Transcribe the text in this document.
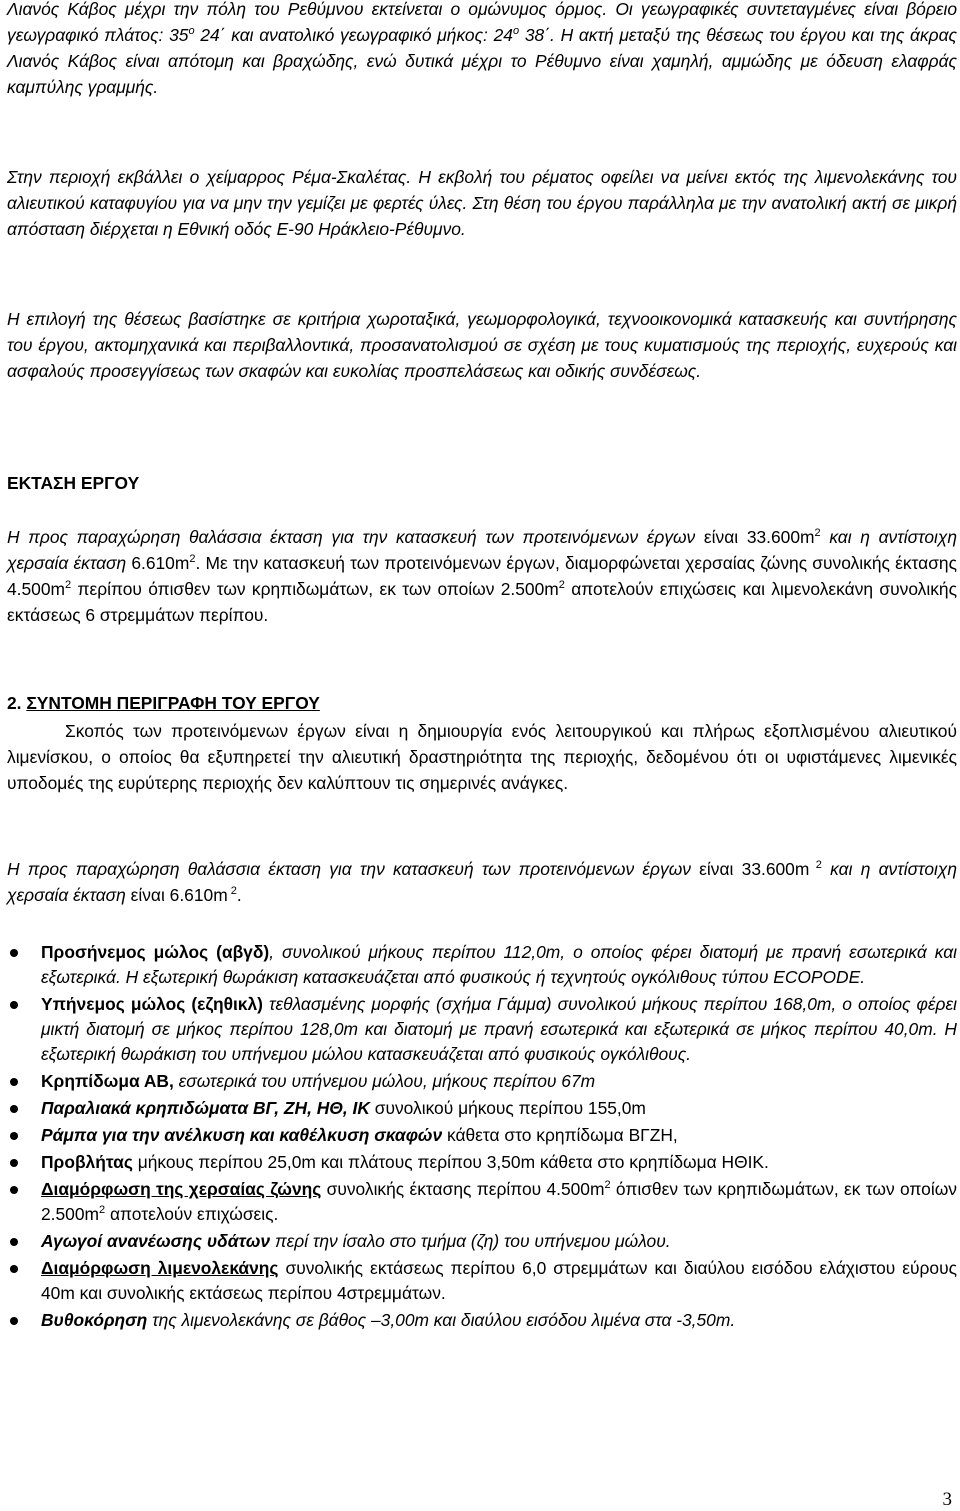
Λιανός Κάβος μέχρι την πόλη του Ρεθύμνου εκτείνεται ο ομώνυμος όρμος. Οι γεωγραφικές συντεταγμένες είναι βόρειο γεωγραφικό πλάτος: 35$^o$ 24΄ και ανατολικό γεωγραφικό μήκος: 24$^o$ 38΄. Η ακτή μεταξύ της θέσεως του έργου και της άκρας Λιανός Κάβος είναι απότομη και βραχώδης, ενώ δυτικά μέχρι το Ρέθυμνο είναι χαμηλή, αμμώδης με όδευση ελαφράς καμπύλης γραμμής.

Στην περιοχή εκβάλλει ο χείμαρρος Ρέμα-Σκαλέτας. Η εκβολή του ρέματος οφείλει να μείνει εκτός της λιμενολεκάνης του αλιευτικού καταφυγίου για να μην την γεμίζει με φερτές ύλες. Στη θέση του έργου παράλληλα με την ανατολική ακτή σε μικρή απόσταση διέρχεται η Εθνική οδός Ε-90 Ηράκλειο-Ρέθυμνο.

Η επιλογή της θέσεως βασίστηκε σε κριτήρια χωροταξικά, γεωμορφολογικά, τεχνοοικονομικά κατασκευής και συντήρησης του έργου, ακτομηχανικά και περιβαλλοντικά, προσανατολισμού σε σχέση με τους κυματισμούς της περιοχής, ευχερούς και ασφαλούς προσεγγίσεως των σκαφών και ευκολίας προσπελάσεως και οδικής συνδέσεως.

ΕΚΤΑΣΗ ΕΡΓΟΥ

Η προς παραχώρηση θαλάσσια έκταση για την κατασκευή των προτεινόμενων έργων είναι $33.600m^2$ και η αντίστοιχη χερσαία έκταση $6.610m^2$. Με την κατασκευή των προτεινόμενων έργων, διαμορφώνεται χερσαίας ζώνης συνολικής έκτασης $4.500m^2$ περίπου όπισθεν των κρηπιδωμάτων, εκ των οποίων $2.500m^2$ αποτελούν επιχώσεις και λιμενολεκάνη συνολικής εκτάσεως 6 στρεμμάτων περίπου.

2. ΣΥΝΤΟΜΗ ΠΕΡΙΓΡΑΦΗ ΤΟΥ ΕΡΓΟΥ

Σκοπός των προτεινόμενων έργων είναι η δημιουργία ενός λειτουργικού και πλήρως εξοπλισμένου αλιευτικού λιμενίσκου, ο οποίος θα εξυπηρετεί την αλιευτική δραστηριότητα της περιοχής, δεδομένου ότι οι υφιστάμενες λιμενικές υποδομές της ευρύτερης περιοχής δεν καλύπτουν τις σημερινές ανάγκες.

Η προς παραχώρηση θαλάσσια έκταση για την κατασκευή των προτεινόμενων έργων είναι 33.600m $^2$ και η αντίστοιχη χερσαία έκταση είναι 6.610m $^2$.

Προσήνεμος μώλος (αβγδ), συνολικού μήκους περίπου 112,0m, ο οποίος φέρει διατομή με πρανή εσωτερικά και εξωτερικά. Η εξωτερική θωράκιση κατασκευάζεται από φυσικούς ή τεχνητούς ογκόλιθους τύπου ECOPODE.
Υπήνεμος μώλος (εζηθικλ) τεθλασμένης μορφής (σχήμα Γάμμα) συνολικού μήκους περίπου 168,0m, ο οποίος φέρει μικτή διατομή σε μήκος περίπου 128,0m και διατομή με πρανή εσωτερικά και εξωτερικά σε μήκος περίπου 40,0m. Η εξωτερική θωράκιση του υπήνεμου μώλου κατασκευάζεται από φυσικούς ογκόλιθους.
Κρηπίδωμα ΑΒ, εσωτερικά του υπήνεμου μώλου, μήκους περίπου 67m
Παραλιακά κρηπιδώματα ΒΓ, ΖΗ, ΗΘ, ΙΚ συνολικού μήκους περίπου 155,0m
Ράμπα για την ανέλκυση και καθέλκυση σκαφών κάθετα στο κρηπίδωμα ΒΓΖΗ,
Προβλήτας μήκους περίπου 25,0m και πλάτους περίπου 3,50m κάθετα στο κρηπίδωμα ΗΘΙΚ.
Διαμόρφωση της χερσαίας ζώνης συνολικής έκτασης περίπου $4.500m^2$ όπισθεν των κρηπιδωμάτων, εκ των οποίων $2.500m^2$ αποτελούν επιχώσεις.
Αγωγοί ανανέωσης υδάτων περί την ίσαλο στο τμήμα (ζη) του υπήνεμου μώλου.
Διαμόρφωση λιμενολεκάνης συνολικής εκτάσεως περίπου 6,0 στρεμμάτων και διαύλου εισόδου ελάχιστου εύρους 40m και συνολικής εκτάσεως περίπου 4στρεμμάτων.
Βυθοκόρηση της λιμενολεκάνης σε βάθος –3,00m και διαύλου εισόδου λιμένα στα -3,50m.
3
